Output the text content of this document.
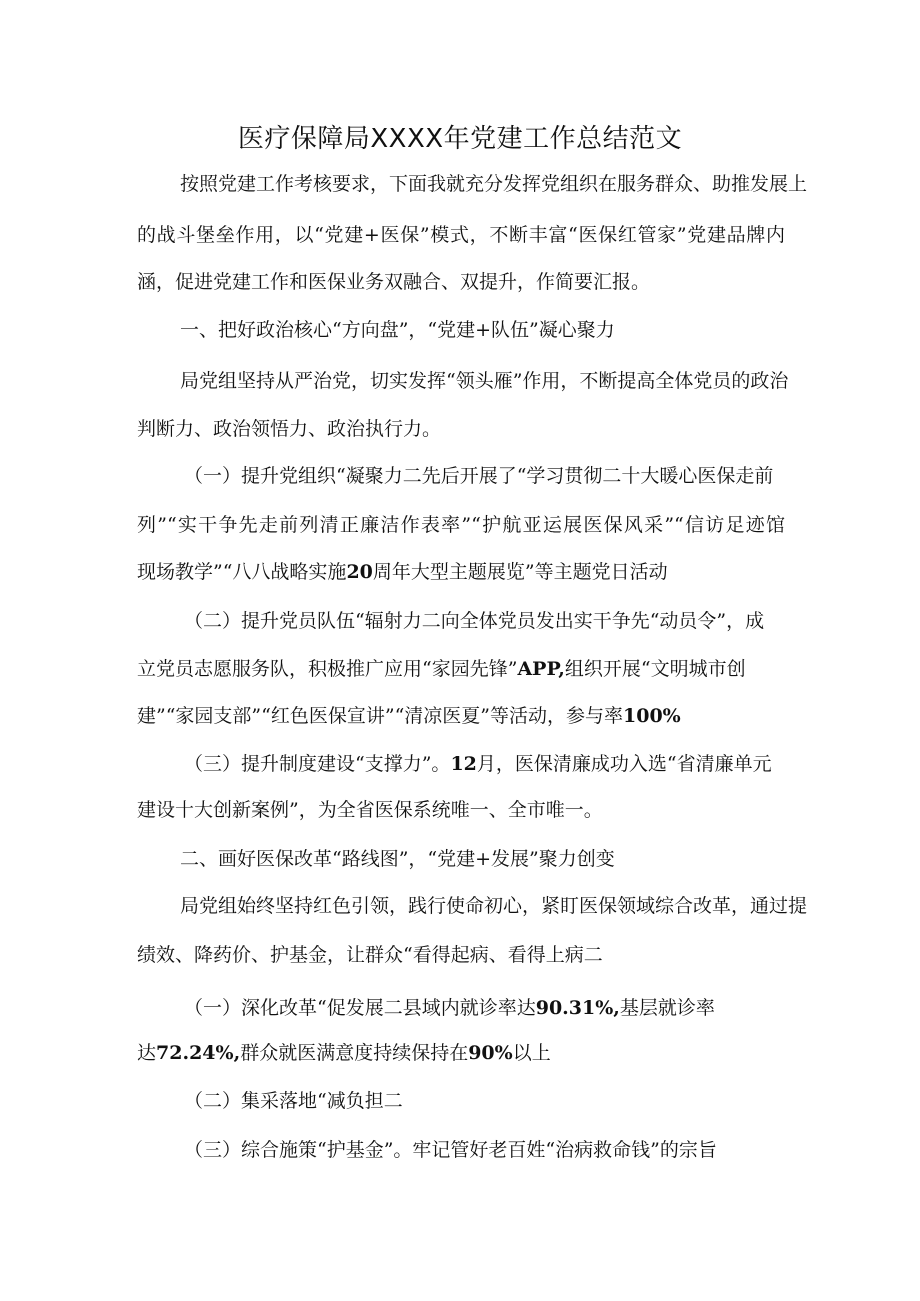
医疗保障局XXXX年党建工作总结范文

按照党建工作考核要求，下面我就充分发挥党组织在服务群众、助推发展上

的战斗堡垒作用，以“党建+医保”模式，不断丰富“医保红管家”党建品牌内

涵，促进党建工作和医保业务双融合、双提升，作简要汇报。

一、把好政治核心“方向盘”，“党建+队伍”凝心聚力

局党组坚持从严治党，切实发挥“领头雁”作用，不断提高全体党员的政治

判断力、政治领悟力、政治执行力。

（一）提升党组织“凝聚力二先后开展了“学习贯彻二十大暖心医保走前

列”“实干争先走前列清正廉洁作表率”“护航亚运展医保风采”“信访足迹馆

现场教学”“八八战略实施20周年大型主题展览”等主题党日活动

（二）提升党员队伍“辐射力二向全体党员发出实干争先“动员令”，成

立党员志愿服务队，积极推广应用“家园先锋”APP,组织开展“文明城市创

建”“家园支部”“红色医保宣讲”“清凉医夏”等活动，参与率100%

（三）提升制度建设“支撑力”。12月，医保清廉成功入选“省清廉单元

建设十大创新案例”，为全省医保系统唯一、全市唯一。

二、画好医保改革“路线图”，“党建+发展”聚力创变

局党组始终坚持红色引领，践行使命初心，紧盯医保领域综合改革，通过提

绩效、降药价、护基金，让群众“看得起病、看得上病二

（一）深化改革“促发展二县域内就诊率达90.31%,基层就诊率

达72.24%,群众就医满意度持续保持在90%以上

（二）集采落地“减负担二

（三）综合施策“护基金”。牢记管好老百姓“治病救命钱”的宗旨
